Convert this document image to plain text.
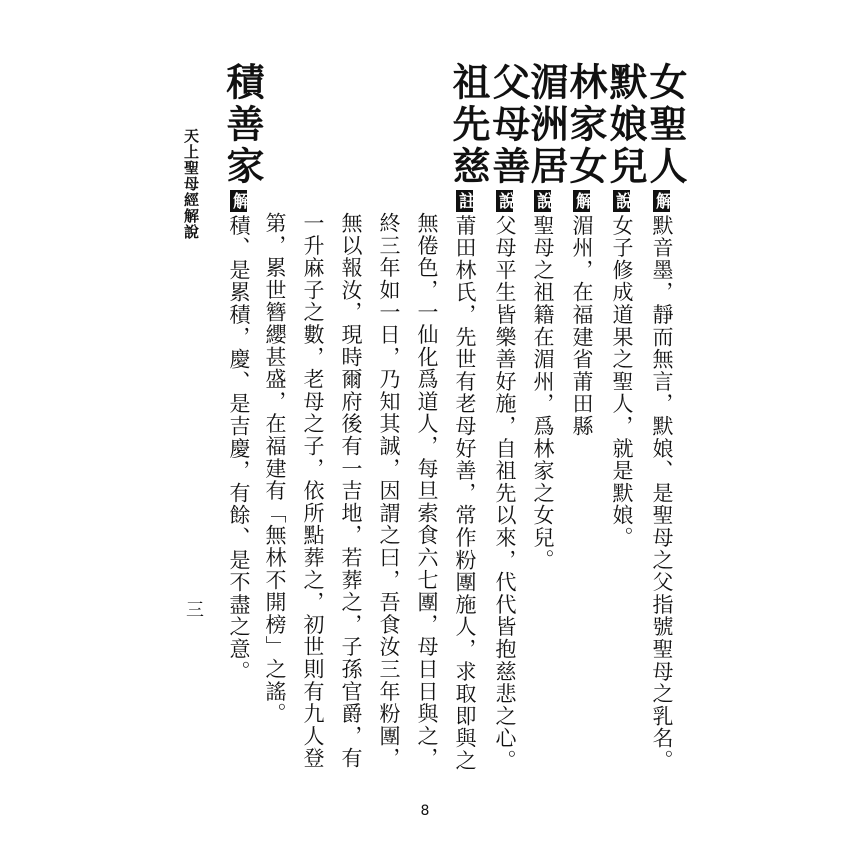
女聖人
解默音墨，靜而無言，默娘、是聖母之父指號聖母之乳名。
默娘兒
說女子修成道果之聖人，就是默娘。
林家女
解湄州，在福建省莆田縣
湄洲居
說聖母之祖籍在湄州，爲林家之女兒。
父母善
說父母平生皆樂善好施，自祖先以來，代代皆抱慈悲之心。
祖先慈
註莆田林氏，先世有老母好善，常作粉團施人，求取即與之
無倦色，一仙化爲道人，每旦索食六七團，母日日與之，
終三年如一日，乃知其誠，因謂之曰，吾食汝三年粉團，
無以報汝，現時爾府後有一吉地，若葬之，子孫官爵，有
一升麻子之數，老母之子，依所點葬之，初世則有九人登
第，累世簪纓甚盛，在福建有「無林不開榜」之謠。
積善家
解積、是累積，慶、是吉慶，有餘、是不盡之意。
天上聖母經解說
三
8
